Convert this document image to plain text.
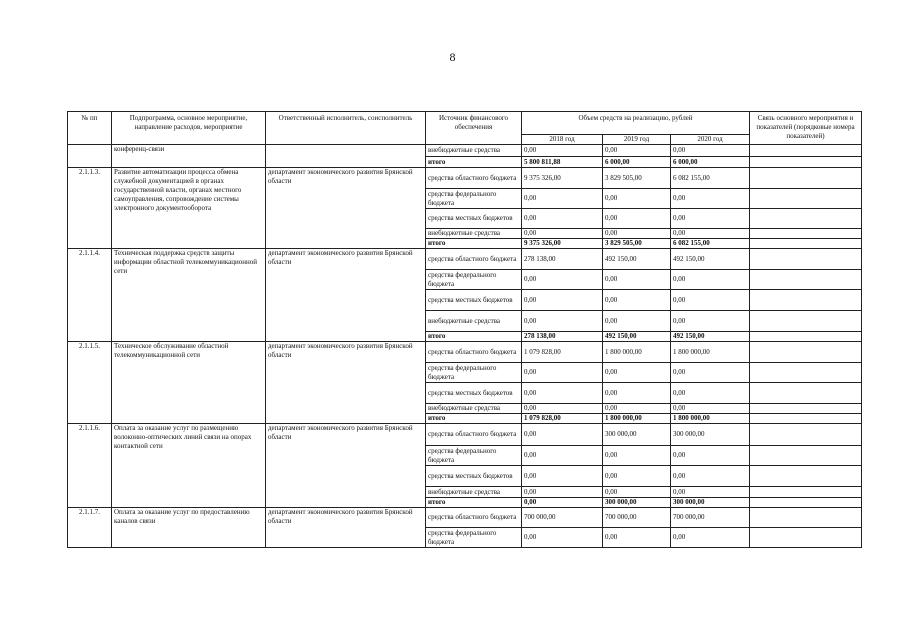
8
№ пп	Подпрограмма, основное мероприятие, направление расходов, мероприятие	Ответственный исполнитель, соисполнитель	Источник финансового обеспечения	Объем средств на реализацию, рублей			Связь основного мероприятия и показателей (порядковые номера показателей)
				2018 год	2019 год	2020 год	
	конференц-связи		внебюджетные средства	0,00	0,00	0,00	
			итого	5 800 811,88	6 000,00	6 000,00	
2.1.1.3.	Развитие автоматизации процесса обмена служебной документацией в органах государственной власти, органах местного самоуправления, сопровождение системы электронного документооборота	департамент экономического развития Брянской области	средства областного бюджета	9 375 326,00	3 829 505,00	6 082 155,00	
			средства федерального бюджета	0,00	0,00	0,00	
			средства местных бюджетов	0,00	0,00	0,00	
			внебюджетные средства	0,00	0,00	0,00	
			итого	9 375 326,00	3 829 505,00	6 082 155,00	
2.1.1.4.	Техническая поддержка средств защиты информации областной телекоммуникационной сети	департамент экономического развития Брянской области	средства областного бюджета	278 138,00	492 150,00	492 150,00	
			средства федерального бюджета	0,00	0,00	0,00	
			средства местных бюджетов	0,00	0,00	0,00	
			внебюджетные средства	0,00	0,00	0,00	
			итого	278 138,00	492 150,00	492 150,00	
2.1.1.5.	Техническое обслуживание областной телекоммуникационной сети	департамент экономического развития Брянской области	средства областного бюджета	1 079 828,00	1 800 000,00	1 800 000,00	
			средства федерального бюджета	0,00	0,00	0,00	
			средства местных бюджетов	0,00	0,00	0,00	
			внебюджетные средства	0,00	0,00	0,00	
			итого	1 079 828,00	1 800 000,00	1 800 000,00	
2.1.1.6.	Оплата за оказание услуг по размещению волоконно-оптических линий связи на опорах контактной сети	департамент экономического развития Брянской области	средства областного бюджета	0,00	300 000,00	300 000,00	
			средства федерального бюджета	0,00	0,00	0,00	
			средства местных бюджетов	0,00	0,00	0,00	
			внебюджетные средства	0,00	0,00	0,00	
			итого	0,00	300 000,00	300 000,00	
2.1.1.7.	Оплата за оказание услуг по предоставлению каналов связи	департамент экономического развития Брянской области	средства областного бюджета	700 000,00	700 000,00	700 000,00	
			средства федерального бюджета	0,00	0,00	0,00	
